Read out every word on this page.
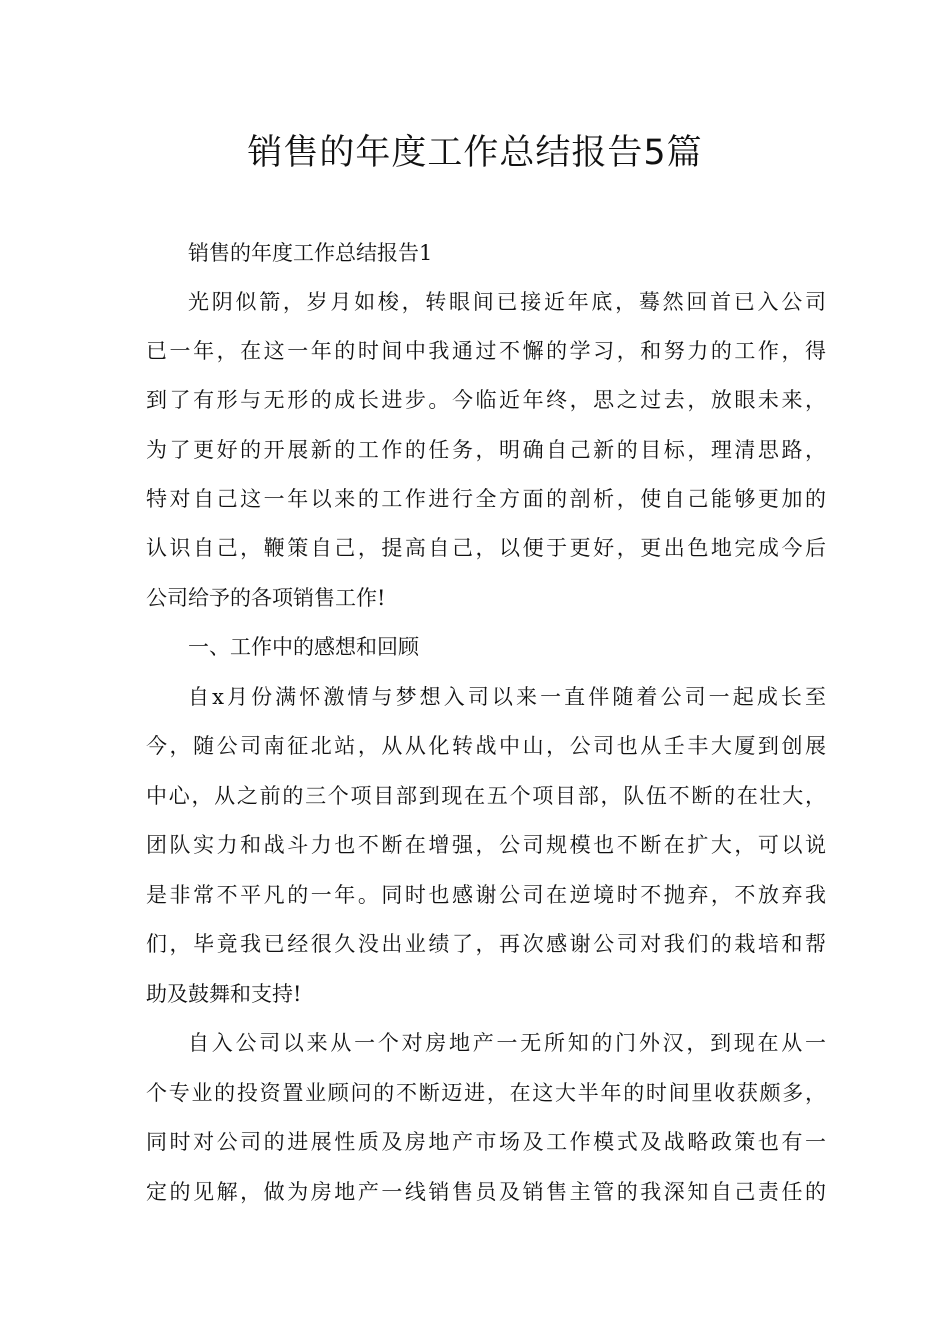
销售的年度工作总结报告5篇
销售的年度工作总结报告1
光阴似箭，岁月如梭，转眼间已接近年底，蓦然回首已入公司
已一年，在这一年的时间中我通过不懈的学习，和努力的工作，得
到了有形与无形的成长进步。今临近年终，思之过去，放眼未来，
为了更好的开展新的工作的任务，明确自己新的目标，理清思路，
特对自己这一年以来的工作进行全方面的剖析，使自己能够更加的
认识自己，鞭策自己，提高自己，以便于更好，更出色地完成今后
公司给予的各项销售工作!
一、工作中的感想和回顾
自x月份满怀激情与梦想入司以来一直伴随着公司一起成长至
今，随公司南征北站，从从化转战中山，公司也从壬丰大厦到创展
中心，从之前的三个项目部到现在五个项目部，队伍不断的在壮大，
团队实力和战斗力也不断在增强，公司规模也不断在扩大，可以说
是非常不平凡的一年。同时也感谢公司在逆境时不抛弃，不放弃我
们，毕竟我已经很久没出业绩了，再次感谢公司对我们的栽培和帮
助及鼓舞和支持!
自入公司以来从一个对房地产一无所知的门外汉，到现在从一
个专业的投资置业顾问的不断迈进，在这大半年的时间里收获颇多，
同时对公司的进展性质及房地产市场及工作模式及战略政策也有一
定的见解，做为房地产一线销售员及销售主管的我深知自己责任的
